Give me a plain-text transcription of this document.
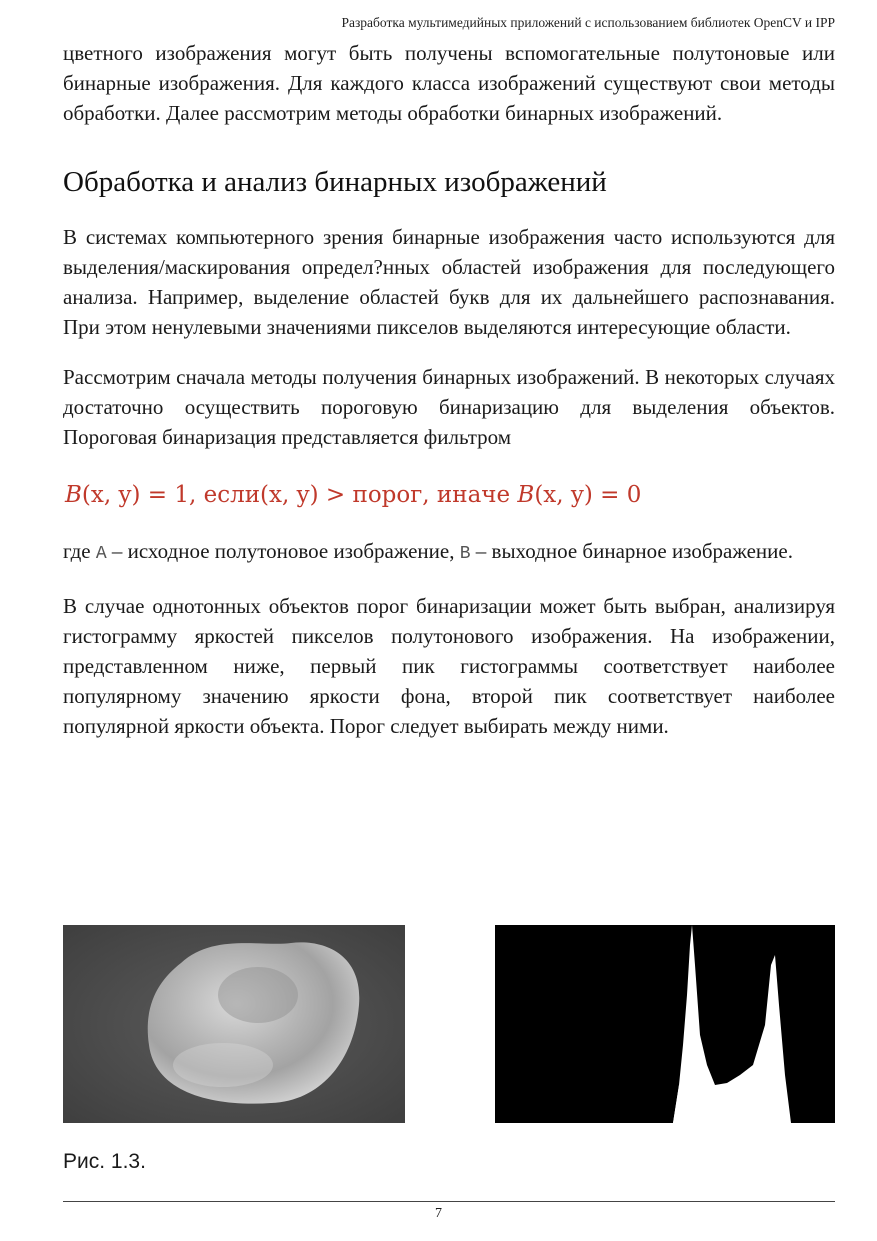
Разработка мультимедийных приложений с использованием библиотек OpenCV и IPP

цветного изображения могут быть получены вспомогательные полутоновые или бинарные изображения. Для каждого класса изображений существуют свои методы обработки. Далее рассмотрим методы обработки бинарных изображений.

Обработка и анализ бинарных изображений

В системах компьютерного зрения бинарные изображения часто используются для выделения/маскирования определ?нных областей изображения для последующего анализа. Например, выделение областей букв для их дальнейшего распознавания. При этом ненулевыми значениями пикселов выделяются интересующие области.

Рассмотрим сначала методы получения бинарных изображений. В некоторых случаях достаточно осуществить пороговую бинаризацию для выделения объектов. Пороговая бинаризация представляется фильтром

B(x, y) = 1, если(x, y) > порог, иначе B(x, y) = 0

где A – исходное полутоновое изображение, B – выходное бинарное изображение.

В случае однотонных объектов порог бинаризации может быть выбран, анализируя гистограмму яркостей пикселов полутонового изображения. На изображении, представленном ниже, первый пик гистограммы соответствует наиболее популярному значению яркости фона, второй пик соответствует наиболее популярной яркости объекта. Порог следует выбирать между ними.

Рис. 1.3.
7
